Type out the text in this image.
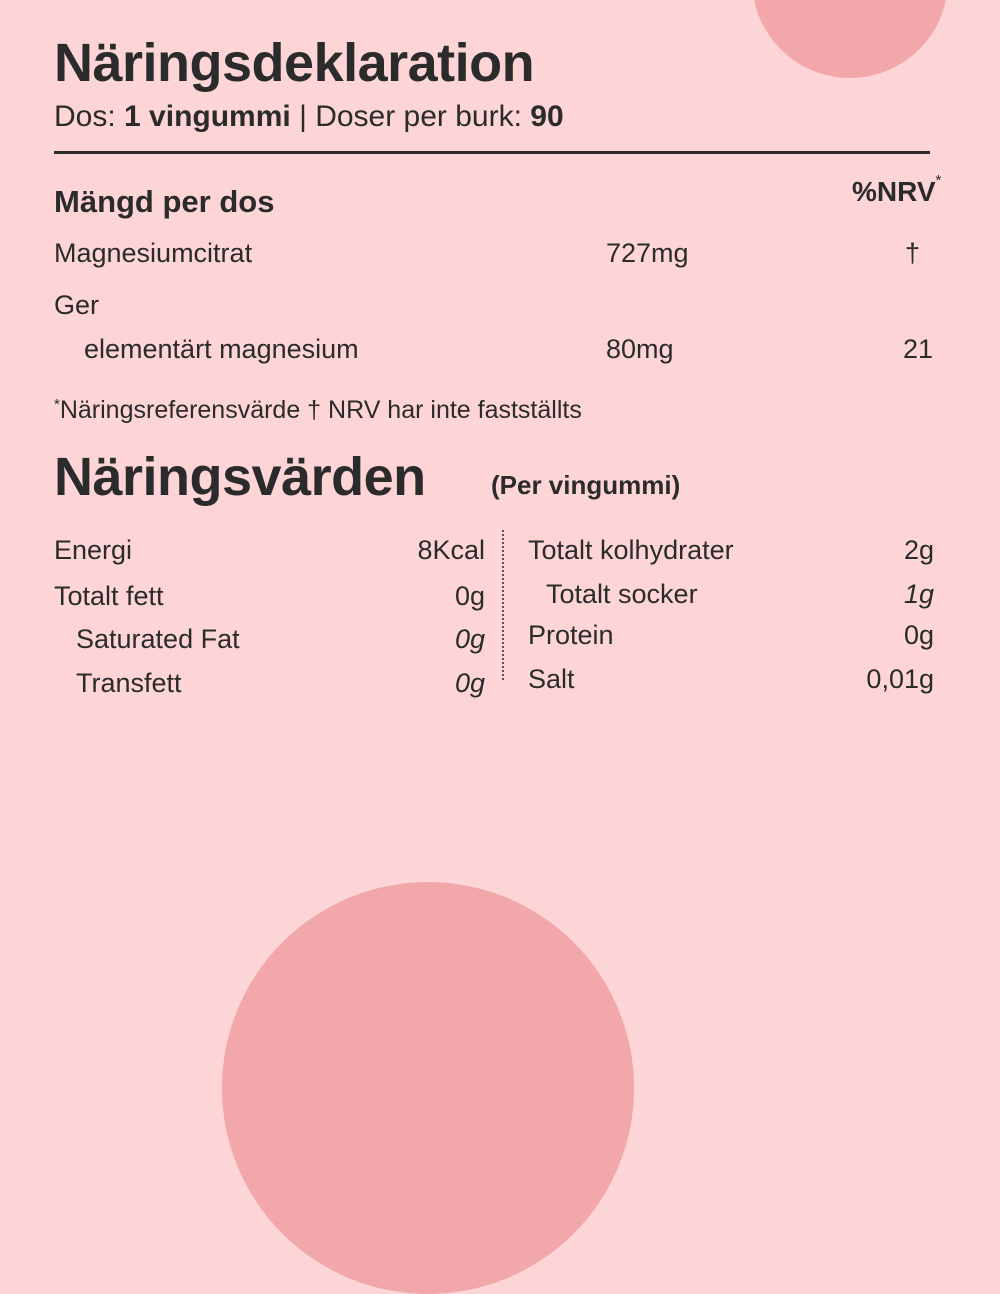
Näringsdeklaration
Dos: 1 vingummi | Doser per burk: 90
Mängd per dos	%NRV*
Magnesiumcitrat	727mg	†
Ger
elementärt magnesium	80mg	21
*Näringsreferensvärde † NRV har inte fastställts
Näringsvärden	(Per vingummi)
Energi	8Kcal
Totalt fett	0g
Saturated Fat	0g
Transfett	0g
Totalt kolhydrater	2g
Totalt socker	1g
Protein	0g
Salt	0,01g
